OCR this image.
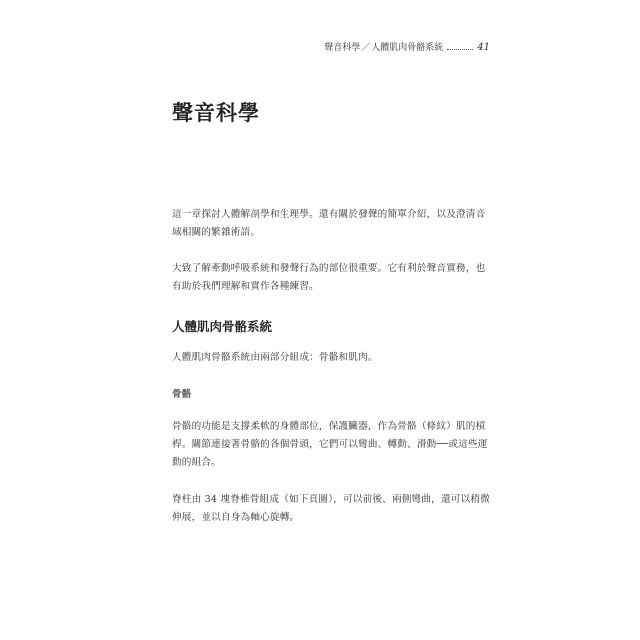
聲音科學 ／ 人體肌肉骨骼系統	41
聲音科學

這一章探討人體解剖學和生理學。還有關於發聲的簡單介紹，以及澄清音域相關的繁雜術語。

大致了解牽動呼吸系統和發聲行為的部位很重要。它有利於聲音實務，也有助於我們理解和實作各種練習。

人體肌肉骨骼系統

人體肌肉骨骼系統由兩部分組成：骨骼和肌肉。

骨骼

骨骼的功能是支撐柔軟的身體部位，保護臟器，作為骨骼（條紋）肌的槓桿。關節連接著骨骼的各個骨頭，它們可以彎曲、轉動、滑動──或這些運動的組合。

脊柱由 34 塊脊椎骨組成（如下頁圖），可以前後、兩側彎曲，還可以稍微伸展，並以自身為軸心旋轉。
